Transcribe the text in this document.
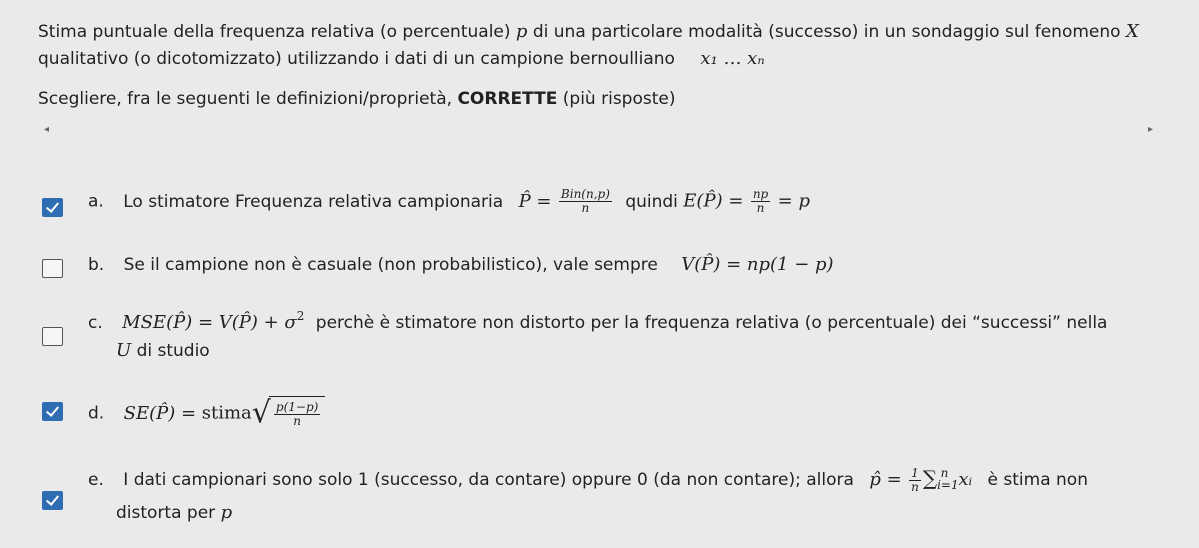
Stima puntuale della frequenza relativa (o percentuale) p di una particolare modalità (successo) in un sondaggio sul fenomeno X
qualitativo (o dicotomizzato) utilizzando i dati di un campione bernoulliano x₁ … xₙ
Scegliere, fra le seguenti le definizioni/proprietà, CORRETTE (più risposte)
◂	▸
a. Lo stimatore Frequenza relativa campionaria P̂ = $\frac{\text{Bin(n,p)}}{n}$ quindi E(P̂) = $\frac{np}{n} = p$
b. Se il campione non è casuale (non probabilistico), vale sempre V(P̂) = np(1 − p)
c. MSE(P̂) = V(P̂) + $\sigma^2$ perchè è stimatore non distorto per la frequenza relativa (o percentuale) dei “successi” nella
U di studio
d. SE(P̂) = stima√ $\frac{p(1-p)}{n}$
e. I dati campionari sono solo 1 (successo, da contare) oppure 0 (da non contare); allora p̂ = $\frac{1}{n} \sum_{i=1}^n$ xᵢ è stima non
distorta per p
